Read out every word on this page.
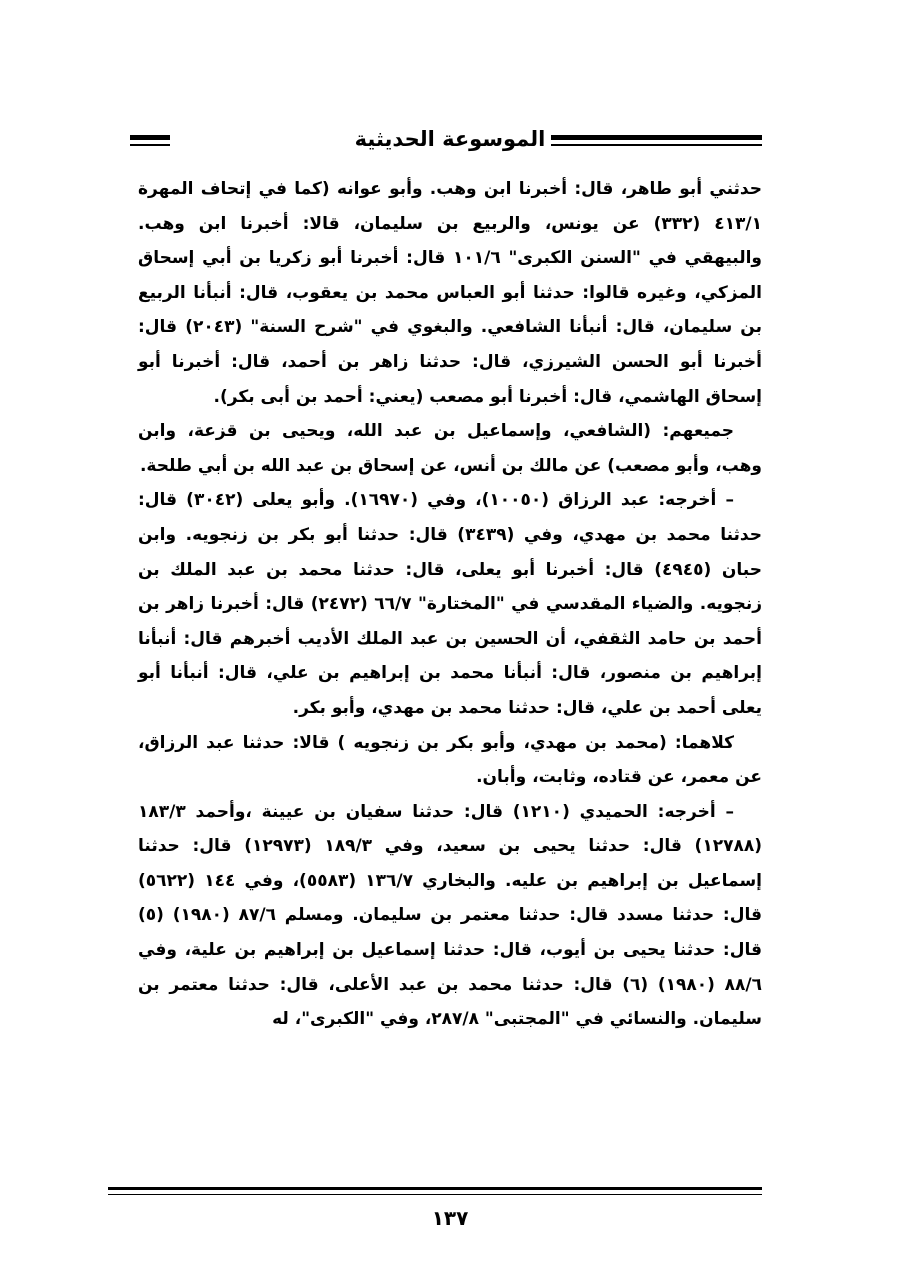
الموسوعة الحديثية

حدثني أبو طاهر، قال: أخبرنا ابن وهب. وأبو عوانه (كما في إتحاف المهرة ٤١٣/١ (٣٣٢) عن يونس، والربيع بن سليمان، قالا: أخبرنا ابن وهب. والبيهقي في "السنن الكبرى" ١٠١/٦ قال: أخبرنا أبو زكريا بن أبي إسحاق المزكي، وغيره قالوا: حدثنا أبو العباس محمد بن يعقوب، قال: أنبأنا الربيع بن سليمان، قال: أنبأنا الشافعي. والبغوي في "شرح السنة" (٢٠٤٣) قال: أخبرنا أبو الحسن الشيرزي، قال: حدثنا زاهر بن أحمد، قال: أخبرنا أبو إسحاق الهاشمي، قال: أخبرنا أبو مصعب (يعني: أحمد بن أبى بكر).

جميعهم: (الشافعي، وإسماعيل بن عبد الله، ويحيى بن قزعة، وابن وهب، وأبو مصعب) عن مالك بن أنس، عن إسحاق بن عبد الله بن أبي طلحة.

– أخرجه: عبد الرزاق (١٠٠٥٠)، وفي (١٦٩٧٠). وأبو يعلى (٣٠٤٢) قال: حدثنا محمد بن مهدي، وفي (٣٤٣٩) قال: حدثنا أبو بكر بن زنجويه. وابن حبان (٤٩٤٥) قال: أخبرنا أبو يعلى، قال: حدثنا محمد بن عبد الملك بن زنجويه. والضياء المقدسي في "المختارة" ٦٦/٧ (٢٤٧٢) قال: أخبرنا زاهر بن أحمد بن حامد الثقفي، أن الحسين بن عبد الملك الأديب أخبرهم قال: أنبأنا إبراهيم بن منصور، قال: أنبأنا محمد بن إبراهيم بن علي، قال: أنبأنا أبو يعلى أحمد بن علي، قال: حدثنا محمد بن مهدي، وأبو بكر.

كلاهما: (محمد بن مهدي، وأبو بكر بن زنجويه ) قالا: حدثنا عبد الرزاق، عن معمر، عن قتاده، وثابت، وأبان.

– أخرجه: الحميدي (١٢١٠) قال: حدثنا سفيان بن عيينة ،وأحمد ١٨٣/٣ (١٢٧٨٨) قال: حدثنا يحيى بن سعيد، وفي ١٨٩/٣ (١٢٩٧٣) قال: حدثنا إسماعيل بن إبراهيم بن عليه. والبخاري ١٣٦/٧ (٥٥٨٣)، وفي ١٤٤ (٥٦٢٢) قال: حدثنا مسدد قال: حدثنا معتمر بن سليمان. ومسلم ٨٧/٦ (١٩٨٠) (٥) قال: حدثنا يحيى بن أيوب، قال: حدثنا إسماعيل بن إبراهيم بن علية، وفي ٨٨/٦ (١٩٨٠) (٦) قال: حدثنا محمد بن عبد الأعلى، قال: حدثنا معتمر بن سليمان. والنسائي في "المجتبى" ٢٨٧/٨، وفي "الكبرى"، له

١٣٧
